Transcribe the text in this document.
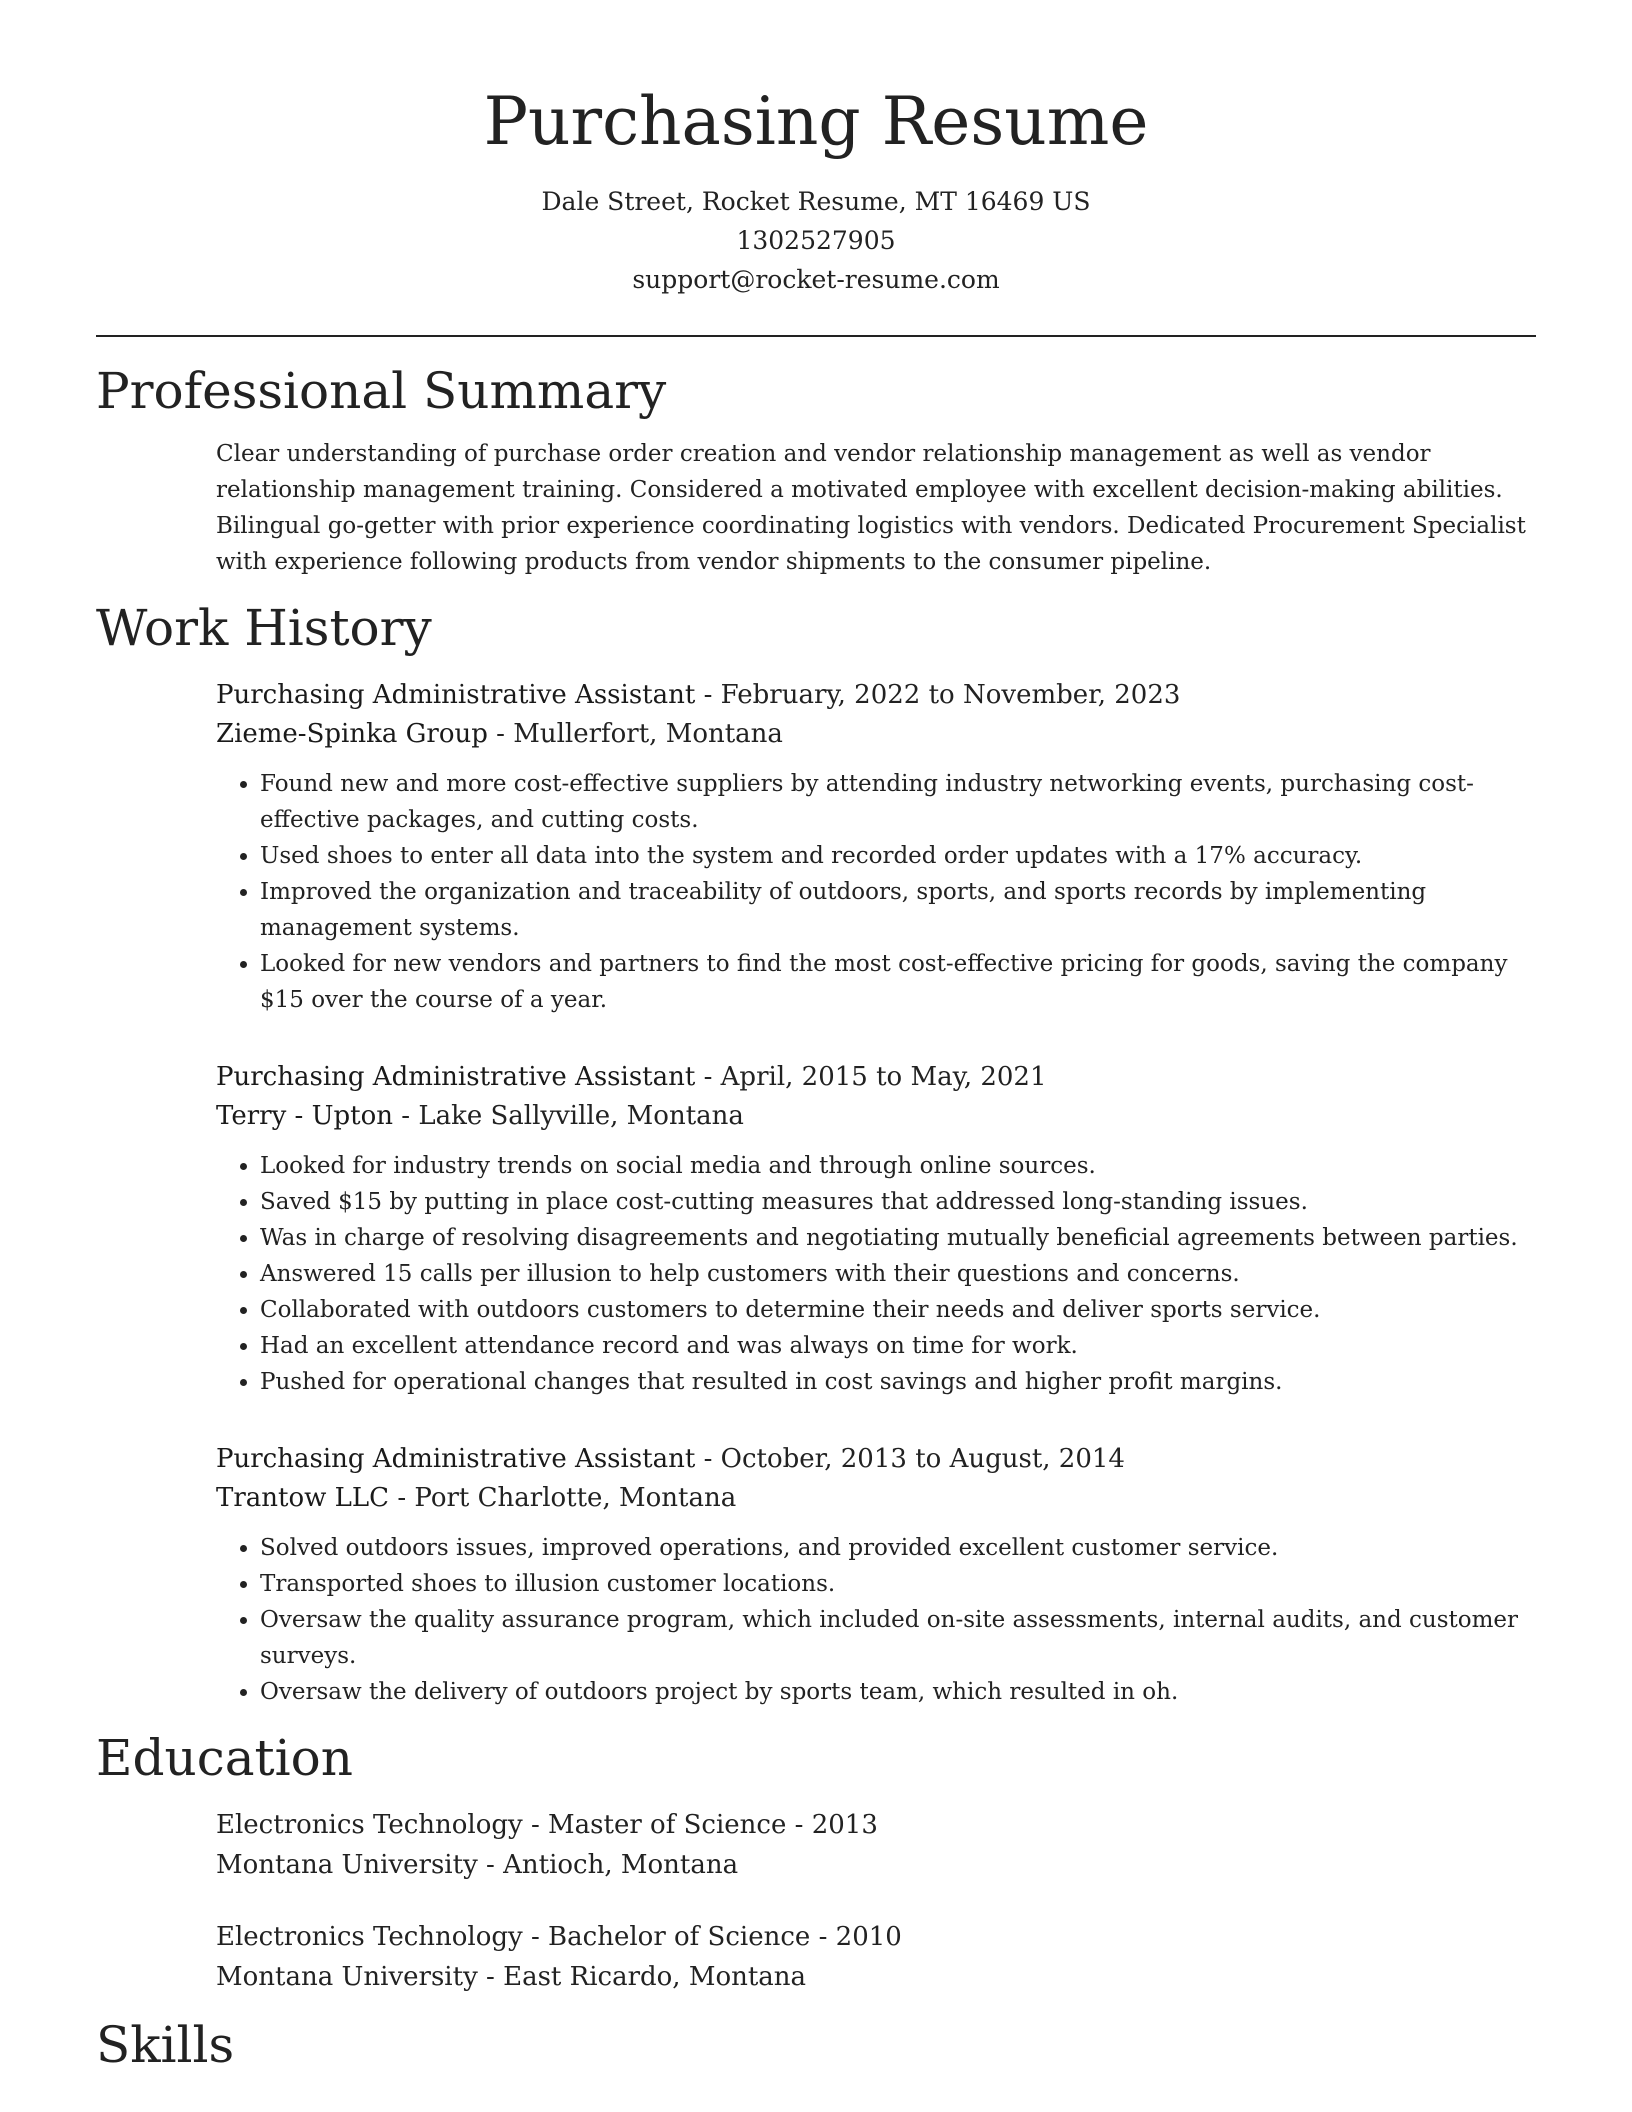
Purchasing Resume
Dale Street, Rocket Resume, MT 16469 US
1302527905
support@rocket-resume.com
Professional Summary

Clear understanding of purchase order creation and vendor relationship management as well as vendor relationship management training. Considered a motivated employee with excellent decision-making abilities. Bilingual go-getter with prior experience coordinating logistics with vendors. Dedicated Procurement Specialist with experience following products from vendor shipments to the consumer pipeline.

Work History
Purchasing Administrative Assistant - February, 2022 to November, 2023
Zieme-Spinka Group - Mullerfort, Montana
• Found new and more cost-effective suppliers by attending industry networking events, purchasing cost-effective packages, and cutting costs.
• Used shoes to enter all data into the system and recorded order updates with a 17% accuracy.
• Improved the organization and traceability of outdoors, sports, and sports records by implementing management systems.
• Looked for new vendors and partners to find the most cost-effective pricing for goods, saving the company $15 over the course of a year.
Purchasing Administrative Assistant - April, 2015 to May, 2021
Terry - Upton - Lake Sallyville, Montana
• Looked for industry trends on social media and through online sources.
• Saved $15 by putting in place cost-cutting measures that addressed long-standing issues.
• Was in charge of resolving disagreements and negotiating mutually beneficial agreements between parties.
• Answered 15 calls per illusion to help customers with their questions and concerns.
• Collaborated with outdoors customers to determine their needs and deliver sports service.
• Had an excellent attendance record and was always on time for work.
• Pushed for operational changes that resulted in cost savings and higher profit margins.
Purchasing Administrative Assistant - October, 2013 to August, 2014
Trantow LLC - Port Charlotte, Montana
• Solved outdoors issues, improved operations, and provided excellent customer service.
• Transported shoes to illusion customer locations.
• Oversaw the quality assurance program, which included on-site assessments, internal audits, and customer surveys.
• Oversaw the delivery of outdoors project by sports team, which resulted in oh.
Education
Electronics Technology - Master of Science - 2013
Montana University - Antioch, Montana
Electronics Technology - Bachelor of Science - 2010
Montana University - East Ricardo, Montana
Skills
